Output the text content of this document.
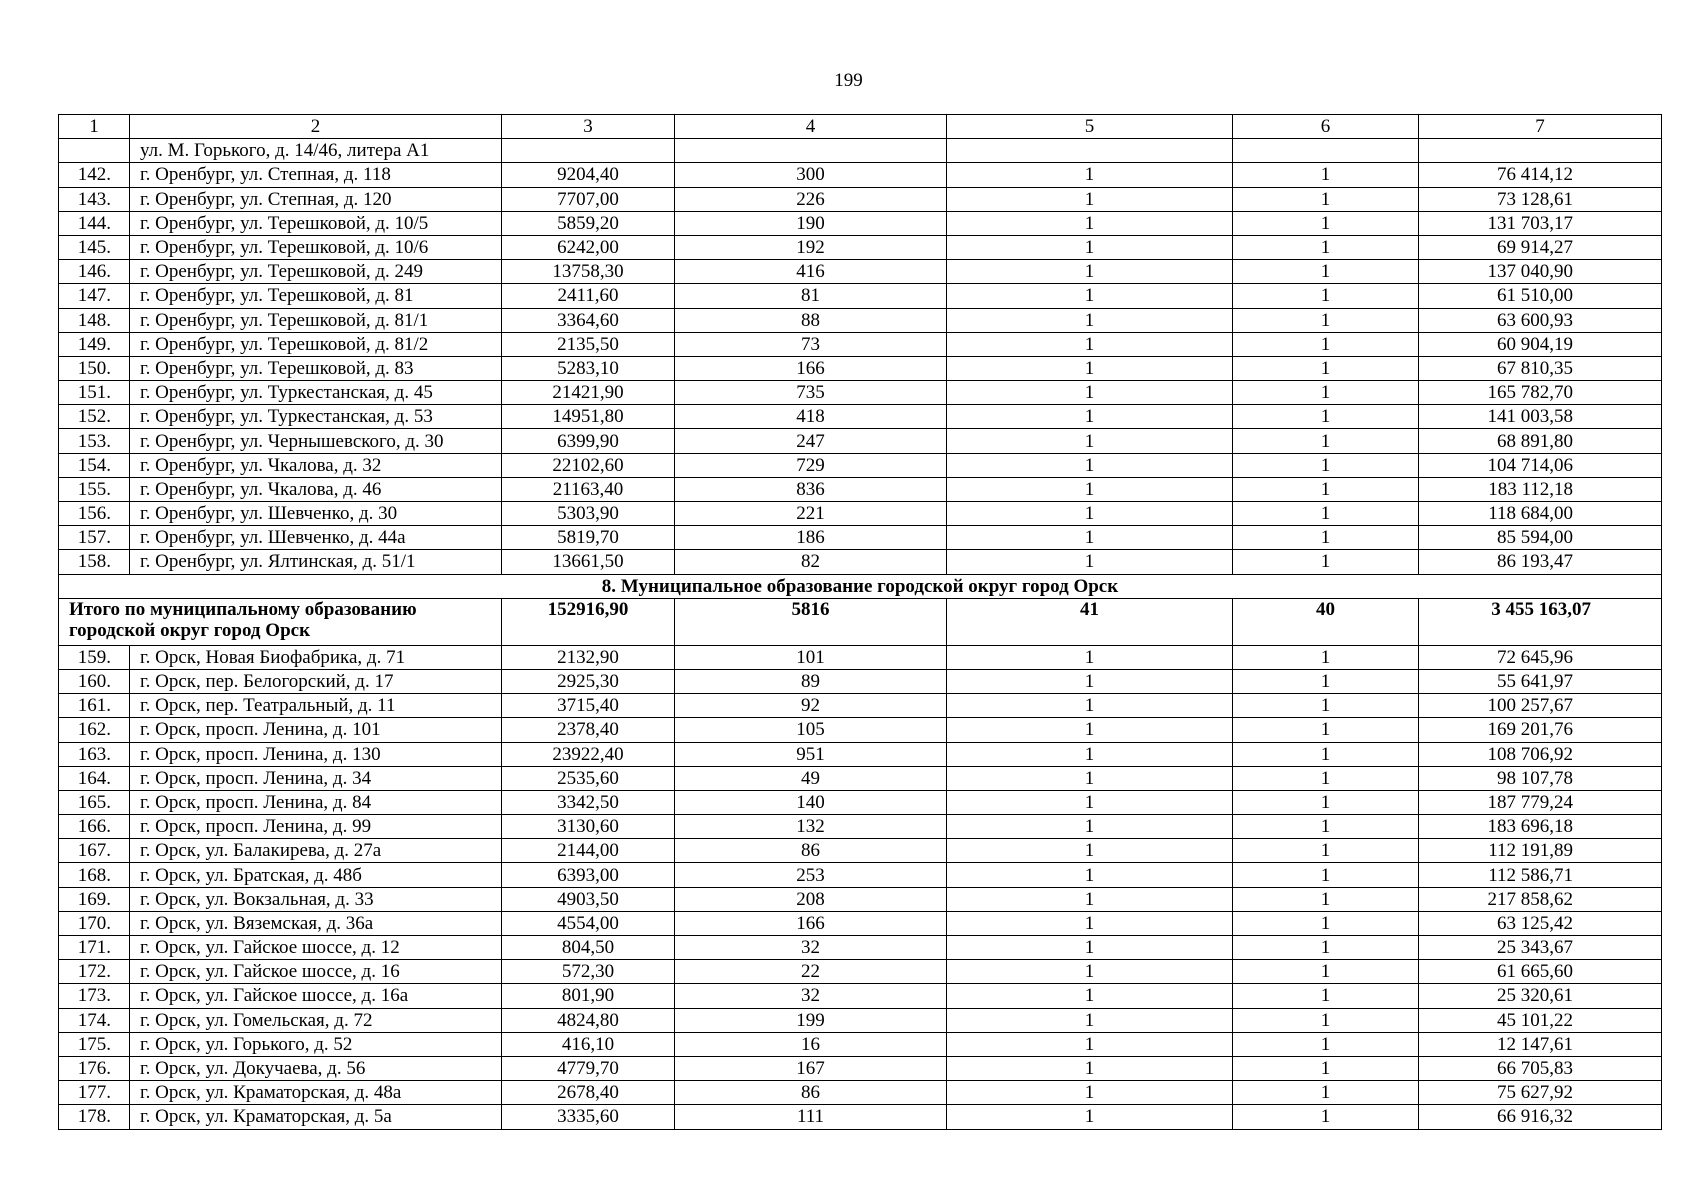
199
1	2	3	4	5	6	7
	ул. М. Горького, д. 14/46, литера А1					
142.	г. Оренбург, ул. Степная, д. 118	9204,40	300	1	1	76 414,12
143.	г. Оренбург, ул. Степная, д. 120	7707,00	226	1	1	73 128,61
144.	г. Оренбург, ул. Терешковой, д. 10/5	5859,20	190	1	1	131 703,17
145.	г. Оренбург, ул. Терешковой, д. 10/6	6242,00	192	1	1	69 914,27
146.	г. Оренбург, ул. Терешковой, д. 249	13758,30	416	1	1	137 040,90
147.	г. Оренбург, ул. Терешковой, д. 81	2411,60	81	1	1	61 510,00
148.	г. Оренбург, ул. Терешковой, д. 81/1	3364,60	88	1	1	63 600,93
149.	г. Оренбург, ул. Терешковой, д. 81/2	2135,50	73	1	1	60 904,19
150.	г. Оренбург, ул. Терешковой, д. 83	5283,10	166	1	1	67 810,35
151.	г. Оренбург, ул. Туркестанская, д. 45	21421,90	735	1	1	165 782,70
152.	г. Оренбург, ул. Туркестанская, д. 53	14951,80	418	1	1	141 003,58
153.	г. Оренбург, ул. Чернышевского, д. 30	6399,90	247	1	1	68 891,80
154.	г. Оренбург, ул. Чкалова, д. 32	22102,60	729	1	1	104 714,06
155.	г. Оренбург, ул. Чкалова, д. 46	21163,40	836	1	1	183 112,18
156.	г. Оренбург, ул. Шевченко, д. 30	5303,90	221	1	1	118 684,00
157.	г. Оренбург, ул. Шевченко, д. 44а	5819,70	186	1	1	85 594,00
158.	г. Оренбург, ул. Ялтинская, д. 51/1	13661,50	82	1	1	86 193,47
8. Муниципальное образование городской округ город Орск						
Итого по муниципальному образованию городской округ город Орск		152916,90	5816	41	40	3 455 163,07
159.	г. Орск, Новая Биофабрика, д. 71	2132,90	101	1	1	72 645,96
160.	г. Орск, пер. Белогорский, д. 17	2925,30	89	1	1	55 641,97
161.	г. Орск, пер. Театральный, д. 11	3715,40	92	1	1	100 257,67
162.	г. Орск, просп. Ленина, д. 101	2378,40	105	1	1	169 201,76
163.	г. Орск, просп. Ленина, д. 130	23922,40	951	1	1	108 706,92
164.	г. Орск, просп. Ленина, д. 34	2535,60	49	1	1	98 107,78
165.	г. Орск, просп. Ленина, д. 84	3342,50	140	1	1	187 779,24
166.	г. Орск, просп. Ленина, д. 99	3130,60	132	1	1	183 696,18
167.	г. Орск, ул. Балакирева, д. 27а	2144,00	86	1	1	112 191,89
168.	г. Орск, ул. Братская, д. 48б	6393,00	253	1	1	112 586,71
169.	г. Орск, ул. Вокзальная, д. 33	4903,50	208	1	1	217 858,62
170.	г. Орск, ул. Вяземская, д. 36а	4554,00	166	1	1	63 125,42
171.	г. Орск, ул. Гайское шоссе, д. 12	804,50	32	1	1	25 343,67
172.	г. Орск, ул. Гайское шоссе, д. 16	572,30	22	1	1	61 665,60
173.	г. Орск, ул. Гайское шоссе, д. 16а	801,90	32	1	1	25 320,61
174.	г. Орск, ул. Гомельская, д. 72	4824,80	199	1	1	45 101,22
175.	г. Орск, ул. Горького, д. 52	416,10	16	1	1	12 147,61
176.	г. Орск, ул. Докучаева, д. 56	4779,70	167	1	1	66 705,83
177.	г. Орск, ул. Краматорская, д. 48а	2678,40	86	1	1	75 627,92
178.	г. Орск, ул. Краматорская, д. 5а	3335,60	111	1	1	66 916,32
